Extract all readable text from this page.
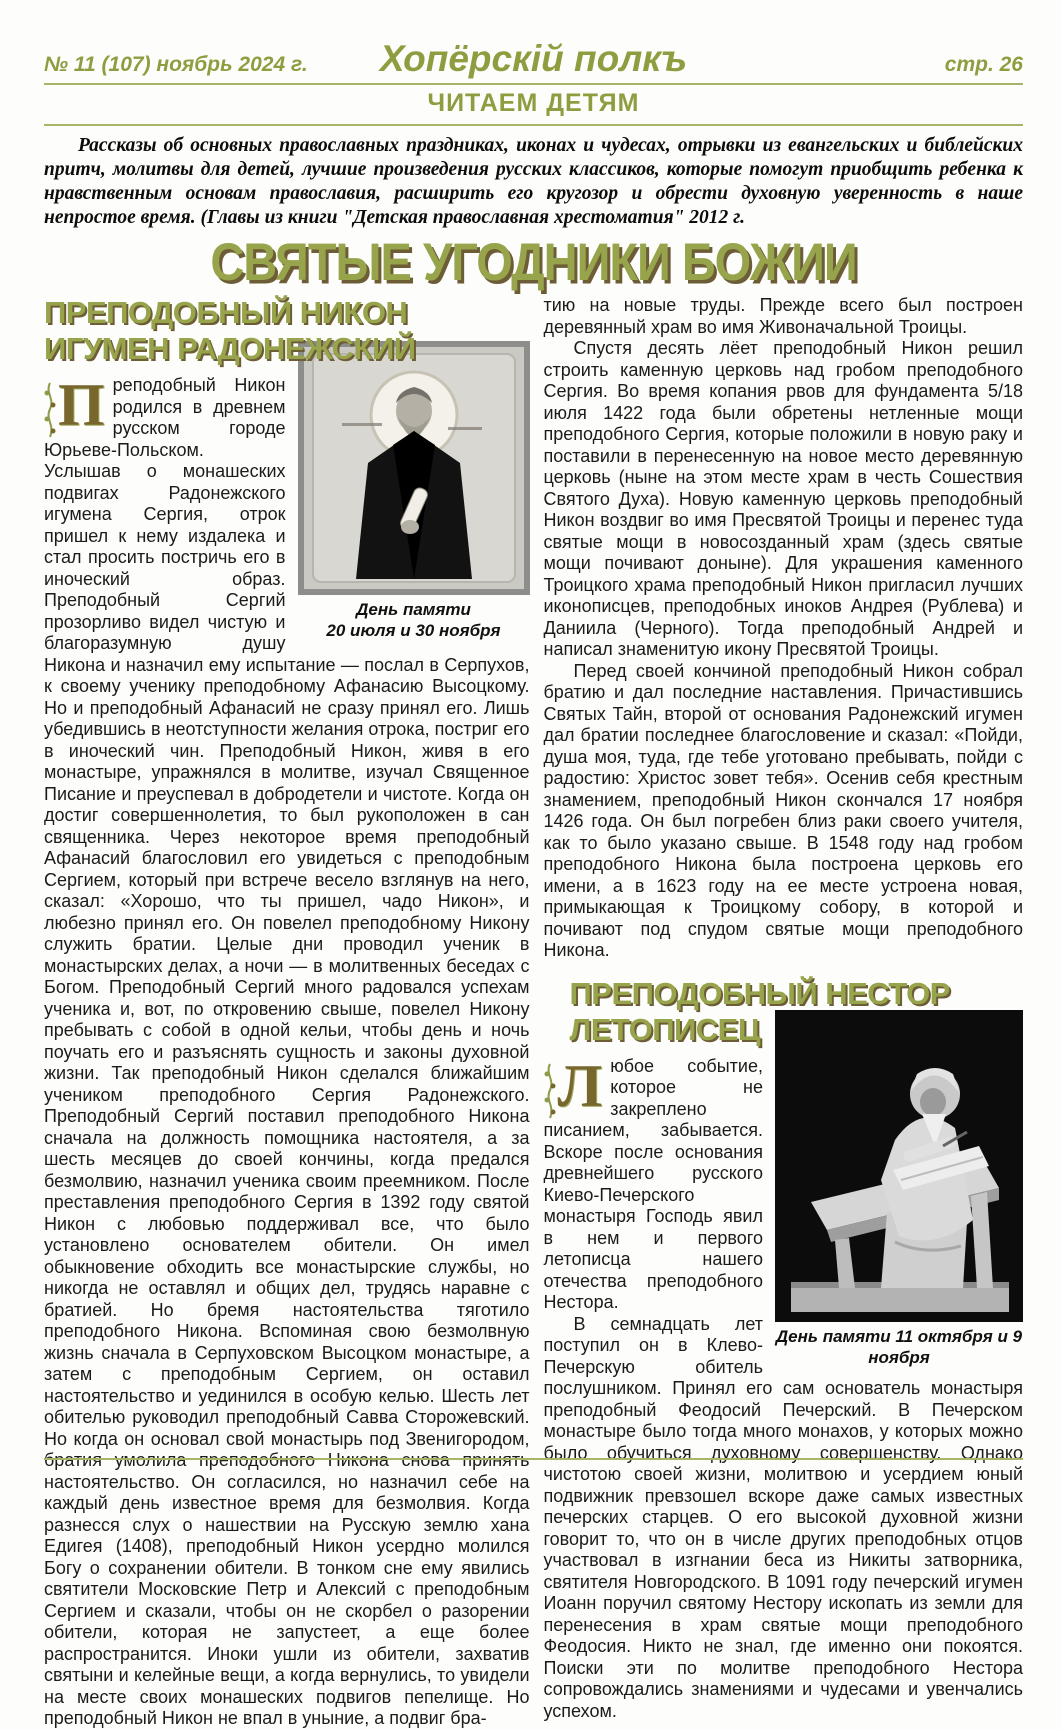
№ 11 (107) ноябрь 2024 г.	Хопёрскій полкъ	стр. 26
ЧИТАЕМ ДЕТЯМ

Рассказы об основных православных праздниках, иконах и чудесах, отрывки из евангельских и библейских притч, молитвы для детей, лучшие произведения русских классиков, которые помогут приобщить ребенка к нравственным основам православия, расширить его кругозор и обрести духовную уверенность в наше непростое время. (Главы из книги "Детская православная хрестоматия" 2012 г.

СВЯТЫЕ УГОДНИКИ БОЖИИ
ПРЕПОДОБНЫЙ НИКОН ИГУМЕН РАДОНЕЖСКИЙ
День памяти
20 июля и 30 ноября

П реподобный Никон родился в древнем русском городе Юрьеве-Польском. Услышав о монашеских подвигах Радонежского игумена Сергия, отрок пришел к нему издалека и стал просить постричь его в иноческий образ. Преподобный Сергий прозорливо видел чистую и благоразумную душу Никона и назначил ему испытание — послал в Серпухов, к своему ученику преподобному Афанасию Высоцкому. Но и преподобный Афанасий не сразу принял его. Лишь убедившись в неотступности желания отрока, постриг его в иноческий чин. Преподобный Никон, живя в его монастыре, упражнялся в молитве, изучал Священное Писание и преуспевал в добродетели и чистоте. Когда он достиг совершеннолетия, то был рукоположен в сан священника. Через некоторое время преподобный Афанасий благословил его увидеться с преподобным Сергием, который при встрече весело взглянув на него, сказал: «Хорошо, что ты пришел, чадо Никон», и любезно принял его. Он повелел преподобному Никону служить братии. Целые дни проводил ученик в монастырских делах, а ночи — в молитвенных беседах с Богом. Преподобный Сергий много радовался успехам ученика и, вот, по откровению свыше, повелел Никону пребывать с собой в одной кельи, чтобы день и ночь поучать его и разъяснять сущность и законы духовной жизни. Так преподобный Никон сделался ближайшим учеником преподобного Сергия Радонежского. Преподобный Сергий поставил преподобного Никона сначала на должность помощника настоятеля, а за шесть месяцев до своей кончины, когда предался безмолвию, назначил ученика своим преемником. После преставления преподобного Сергия в 1392 году святой Никон с любовью поддерживал все, что было установлено основателем обители. Он имел обыкновение обходить все монастырские службы, но никогда не оставлял и общих дел, трудясь наравне с братией. Но бремя настоятельства тяготило преподобного Никона. Вспоминая свою безмолвную жизнь сначала в Серпуховском Высоцком монастыре, а затем с преподобным Сергием, он оставил настоятельство и уединился в особую келью. Шесть лет обителью руководил преподобный Савва Сторожевский. Но когда он основал свой монастырь под Звенигородом, братия умолила преподобного Никона снова принять настоятельство. Он согласился, но назначил себе на каждый день известное время для безмолвия. Когда разнесся слух о нашествии на Русскую землю хана Едигея (1408), преподобный Никон усердно молился Богу о сохранении обители. В тонком сне ему явились святители Московские Петр и Алексий с преподобным Сергием и сказали, чтобы он не скорбел о разорении обители, которая не запустеет, а еще более распространится. Иноки ушли из обители, захватив святыни и келейные вещи, а когда вернулись, то увидели на месте своих монашеских подвигов пепелище. Но преподобный Никон не впал в уныние, а подвиг бра-

тию на новые труды. Прежде всего был построен деревянный храм во имя Живоначальной Троицы.

Спустя десять лёет преподобный Никон решил строить каменную церковь над гробом преподобного Сергия. Во время копания рвов для фундамента 5/18 июля 1422 года были обретены нетленные мощи преподобного Сергия, которые положили в новую раку и поставили в перенесенную на новое место деревянную церковь (ныне на этом месте храм в честь Сошествия Святого Духа). Новую каменную церковь преподобный Никон воздвиг во имя Пресвятой Троицы и перенес туда святые мощи в новосозданный храм (здесь святые мощи почивают доныне). Для украшения каменного Троицкого храма преподобный Никон пригласил лучших иконописцев, преподобных иноков Андрея (Рублева) и Даниила (Черного). Тогда преподобный Андрей и написал знаменитую икону Пресвятой Троицы.

Перед своей кончиной преподобный Никон собрал братию и дал последние наставления. Причастившись Святых Тайн, второй от основания Радонежский игумен дал братии последнее благословение и сказал: «Пойди, душа моя, туда, где тебе уготовано пребывать, пойди с радостию: Христос зовет тебя». Осенив себя крестным знамением, преподобный Никон скончался 17 ноября 1426 года. Он был погребен близ раки своего учителя, как то было указано свыше. В 1548 году над гробом преподобного Никона была построена церковь его имени, а в 1623 году на ее месте устроена новая, примыкающая к Троицкому собору, в которой и почивают под спудом святые мощи преподобного Никона.

ПРЕПОДОБНЫЙ НЕСТОР ЛЕТОПИСЕЦ
День памяти 11 октября и 9
ноября

Л юбое событие, которое не закреплено писанием, забывается. Вскоре после основания древнейшего русского Киево-Печерского монастыря Господь явил в нем и первого летописца нашего отечества преподобного Нестора.

В семнадцать лет поступил он в Клево-Печерскую обитель послушником. Принял его сам основатель монастыря преподобный Феодосий Печерский. В Печерском монастыре было тогда много монахов, у которых можно было обучиться духовному совершенству. Однако чистотою своей жизни, молитвою и усердием юный подвижник превзошел вскоре даже самых известных печерских старцев. О его высокой духовной жизни говорит то, что он в числе других преподобных отцов участвовал в изгнании беса из Никиты затворника, святителя Новгородского. В 1091 году печерский игумен Иоанн поручил святому Нестору ископать из земли для перенесения в храм святые мощи преподобного Феодосия. Никто не знал, где именно они покоятся. Поиски эти по молитве преподобного Нестора сопровождались знамениями и чудесами и увенчались успехом.
